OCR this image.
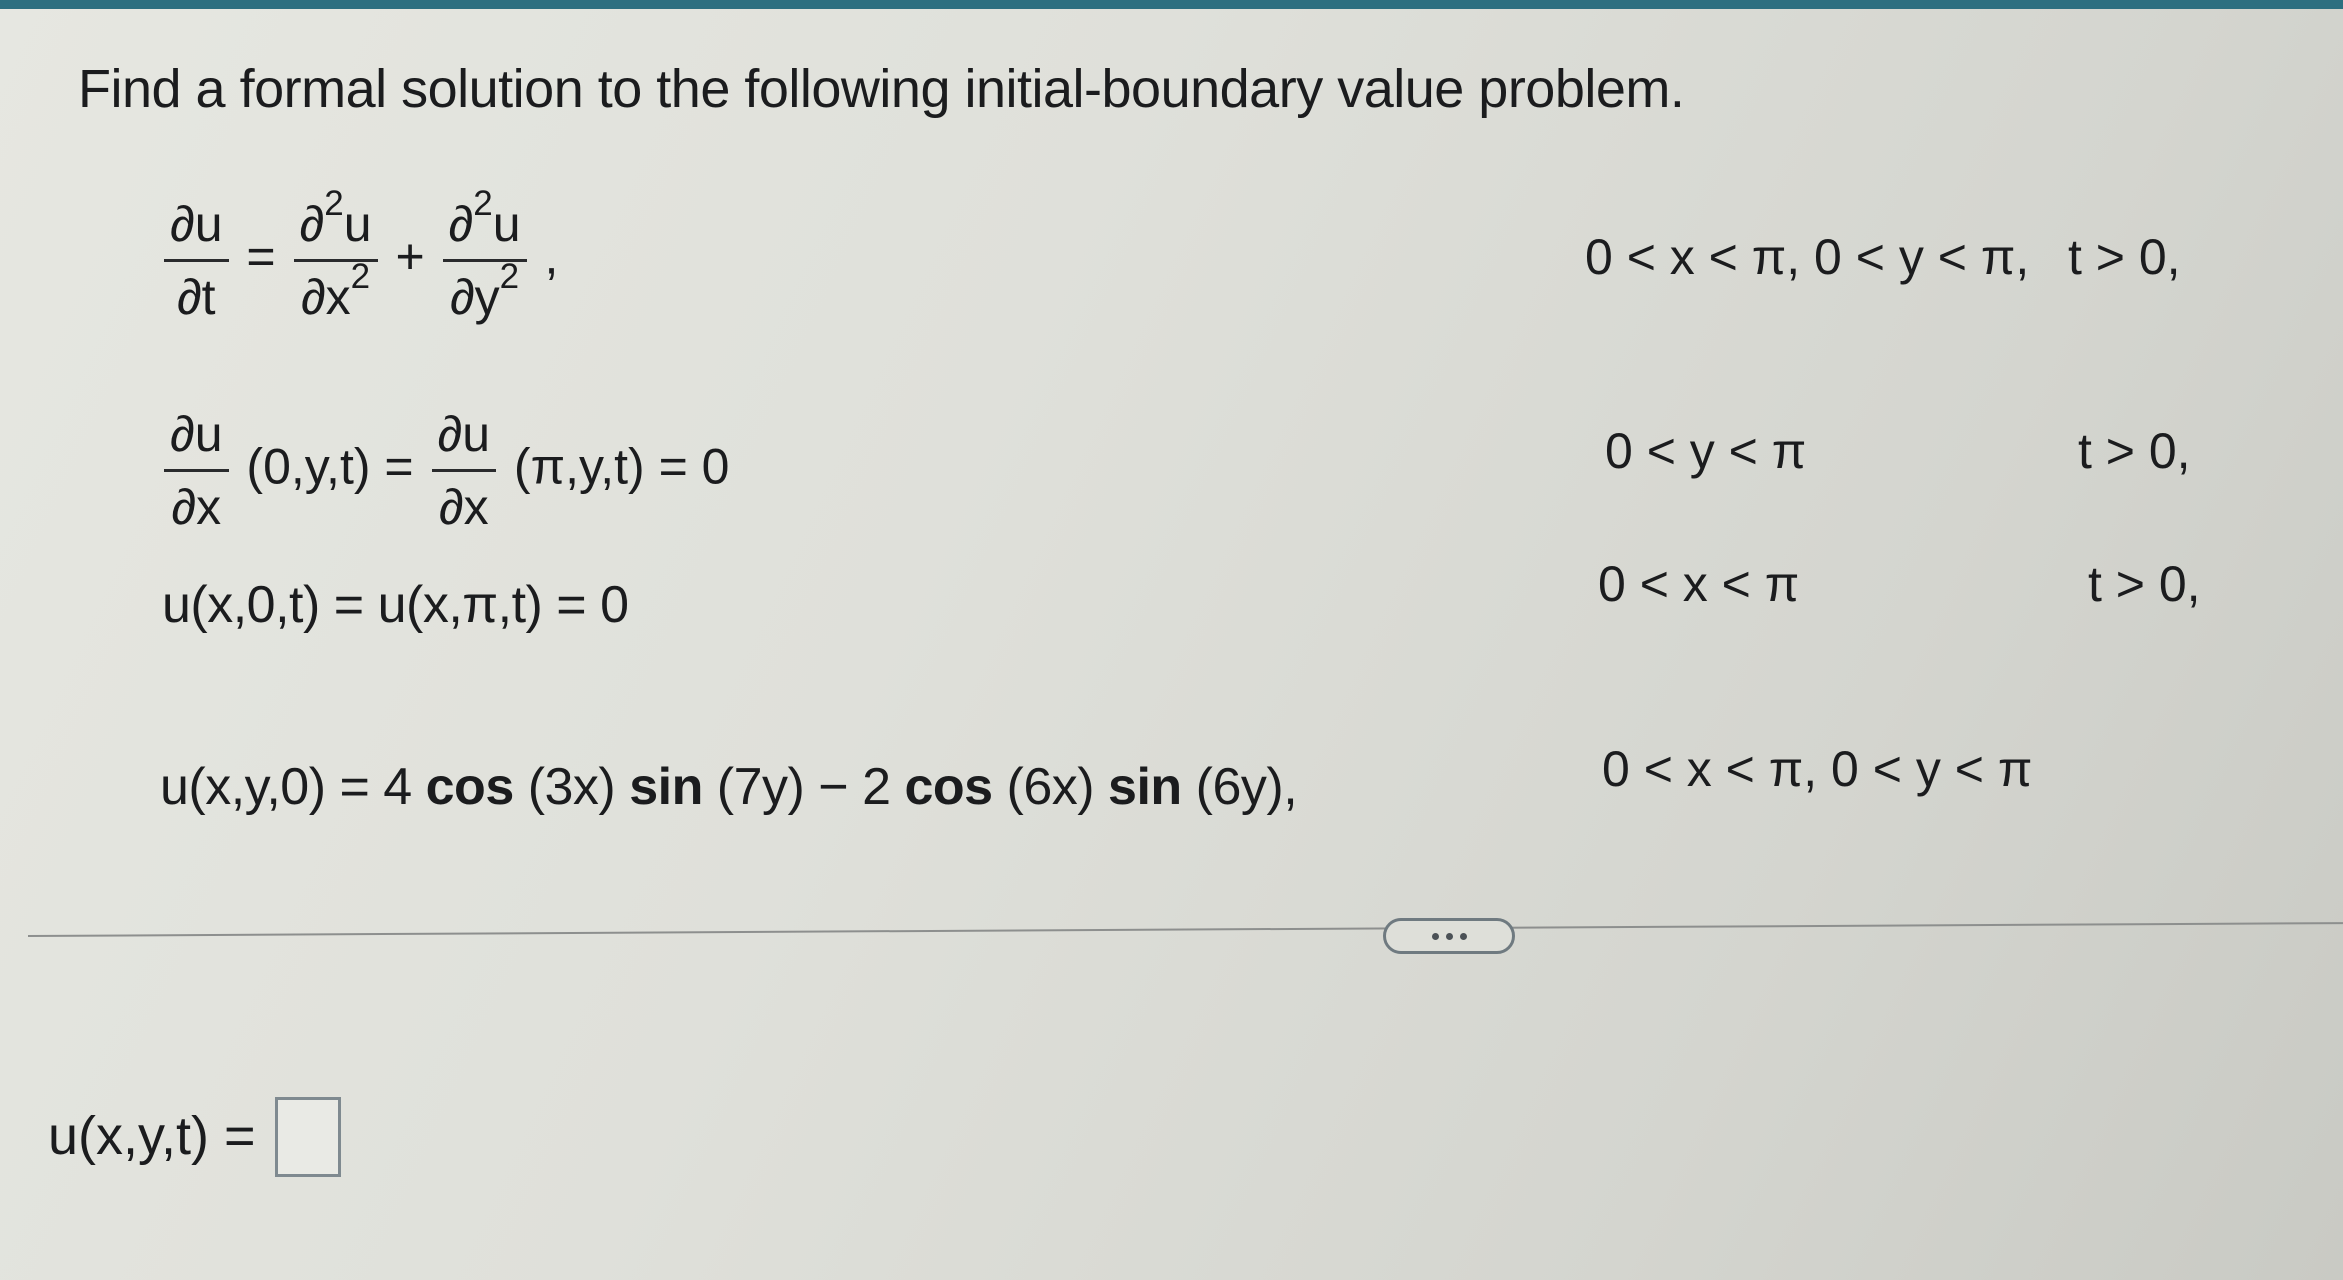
Find a formal solution to the following initial-boundary value problem.
$\frac{\partial u}{\partial t} = \frac{\partial^2u}{\partial x^2} + \frac{\partial^2u}{\partial y^2}$ ,	0 < x < π, 0 < y < π, t > 0,
$\frac{\partial u}{\partial x} (0,y,t) = \frac{\partial u}{\partial x} (\pi,y,t) = 0$	0 < y < π	t > 0,
u(x,0,t) = u(x,π,t) = 0	0 < x < π	t > 0,
u(x,y,0) = 4 cos (3x) sin (7y) − 2 cos (6x) sin (6y),	0 < x < π, 0 < y < π
u(x,y,t) =
